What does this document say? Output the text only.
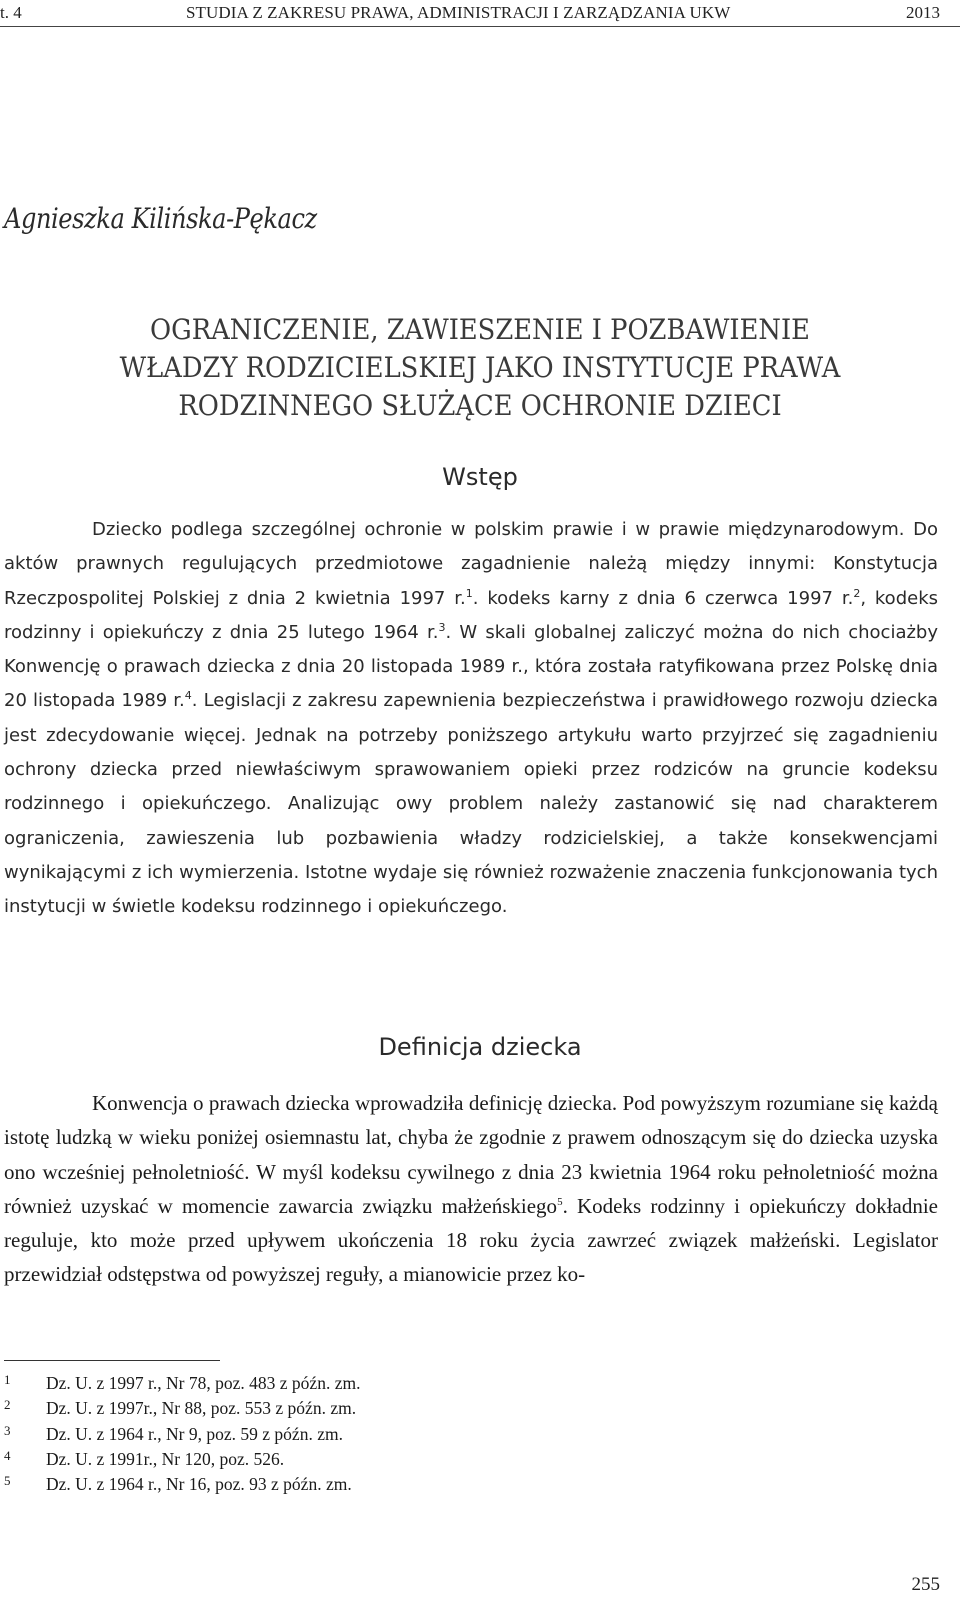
t. 4	STUDIA Z ZAKRESU PRAWA, ADMINISTRACJI I ZARZĄDZANIA UKW	2013
Agnieszka Kilińska-Pękacz
OGRANICZENIE, ZAWIESZENIE I POZBAWIENIE
WŁADZY RODZICIELSKIEJ JAKO INSTYTUCJE PRAWA
RODZINNEGO SŁUŻĄCE OCHRONIE DZIECI
Wstęp

Dziecko podlega szczególnej ochronie w polskim prawie i w prawie międzynarodowym. Do aktów prawnych regulujących przedmiotowe zagadnienie należą między innymi: Konstytucja Rzeczpospolitej Polskiej z dnia 2 kwietnia 1997 r.$^1$. kodeks karny z dnia 6 czerwca 1997 r.$^2$, kodeks rodzinny i opiekuńczy z dnia 25 lutego 1964 r.$^3$. W skali globalnej zaliczyć można do nich chociażby Konwencję o prawach dziecka z dnia 20 listopada 1989 r., która została ratyfikowana przez Polskę dnia 20 listopada 1989 r.$^4$. Legislacji z zakresu zapewnienia bezpieczeństwa i prawidłowego rozwoju dziecka jest zdecydowanie więcej. Jednak na potrzeby poniższego artykułu warto przyjrzeć się zagadnieniu ochrony dziecka przed niewłaściwym sprawowaniem opieki przez rodziców na gruncie kodeksu rodzinnego i opiekuńczego. Analizując owy problem należy zastanowić się nad charakterem ograniczenia, zawieszenia lub pozbawienia władzy rodzicielskiej, a także konsekwencjami wynikającymi z ich wymierzenia. Istotne wydaje się również rozważenie znaczenia funkcjonowania tych instytucji w świetle kodeksu rodzinnego i opiekuńczego.

Definicja dziecka

Konwencja o prawach dziecka wprowadziła definicję dziecka. Pod powyższym rozumiane się każdą istotę ludzką w wieku poniżej osiemnastu lat, chyba że zgodnie z prawem odnoszącym się do dziecka uzyska ono wcześniej pełnoletniość. W myśl kodeksu cywilnego z dnia 23 kwietnia 1964 roku pełnoletniość można również uzyskać w momencie zawarcia związku małżeńskiego$^5$. Kodeks rodzinny i opiekuńczy dokładnie reguluje, kto może przed upływem ukończenia 18 roku życia zawrzeć związek małżeński. Legislator przewidział odstępstwa od powyższej reguły, a mianowicie przez ko-

1 Dz. U. z 1997 r., Nr 78, poz. 483 z późn. zm.
2 Dz. U. z 1997r., Nr 88, poz. 553 z późn. zm.
3 Dz. U. z 1964 r., Nr 9, poz. 59 z późn. zm.
4 Dz. U. z 1991r., Nr 120, poz. 526.
5 Dz. U. z 1964 r., Nr 16, poz. 93 z późn. zm.
255
